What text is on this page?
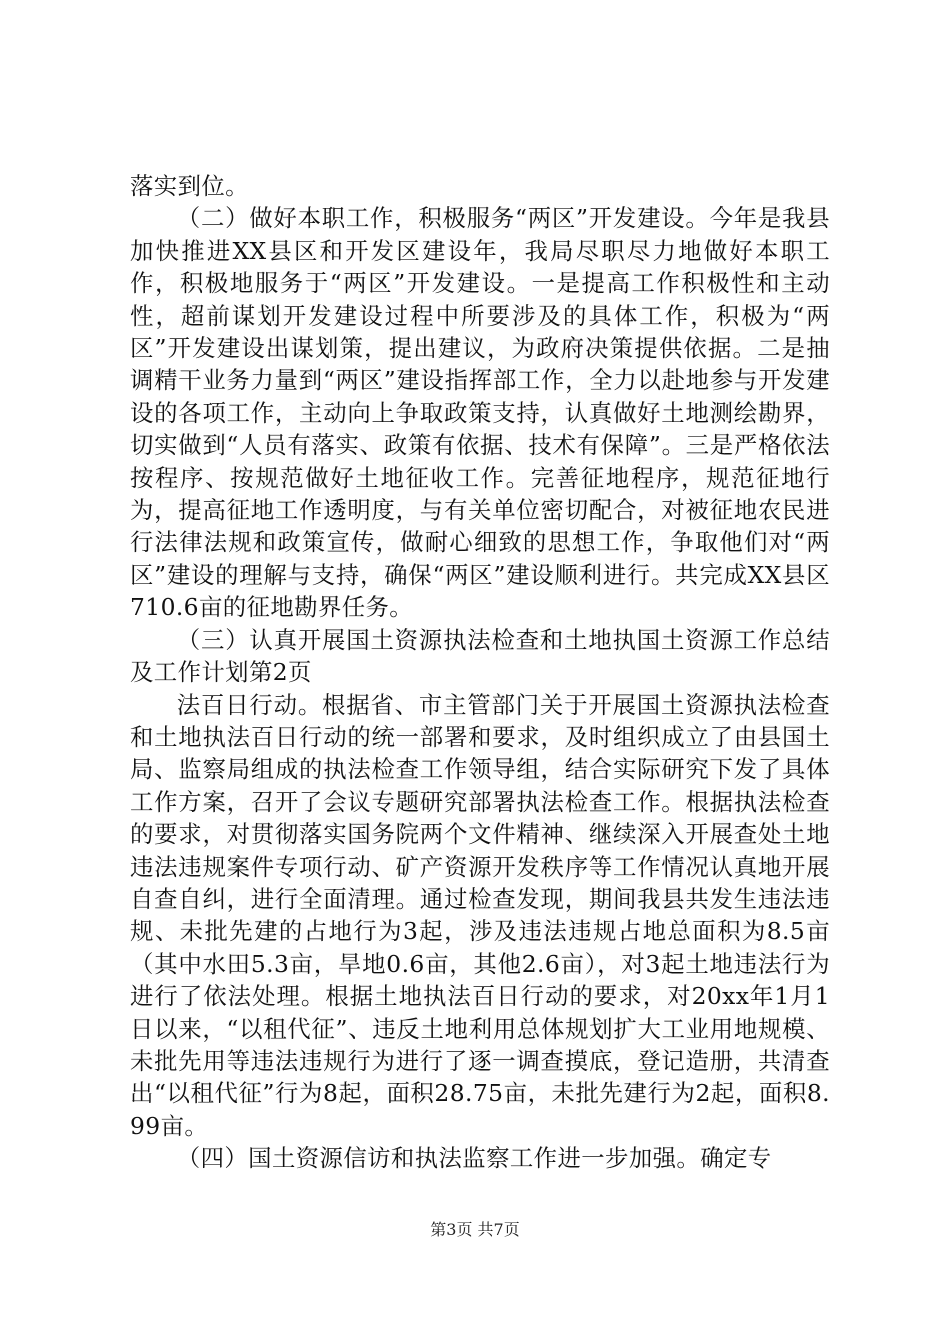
落实到位。

（二）做好本职工作，积极服务“两区”开发建设。今年是我县加快推进XX县区和开发区建设年，我局尽职尽力地做好本职工作，积极地服务于“两区”开发建设。一是提高工作积极性和主动性，超前谋划开发建设过程中所要涉及的具体工作，积极为“两区”开发建设出谋划策，提出建议，为政府决策提供依据。二是抽调精干业务力量到“两区”建设指挥部工作，全力以赴地参与开发建设的各项工作，主动向上争取政策支持，认真做好土地测绘勘界，切实做到“人员有落实、政策有依据、技术有保障”。三是严格依法按程序、按规范做好土地征收工作。完善征地程序，规范征地行为，提高征地工作透明度，与有关单位密切配合，对被征地农民进行法律法规和政策宣传，做耐心细致的思想工作，争取他们对“两区”建设的理解与支持，确保“两区”建设顺利进行。共完成XX县区710.6亩的征地勘界任务。

（三）认真开展国土资源执法检查和土地执国土资源工作总结及工作计划第2页

法百日行动。根据省、市主管部门关于开展国土资源执法检查和土地执法百日行动的统一部署和要求，及时组织成立了由县国土局、监察局组成的执法检查工作领导组，结合实际研究下发了具体工作方案，召开了会议专题研究部署执法检查工作。根据执法检查的要求，对贯彻落实国务院两个文件精神、继续深入开展查处土地违法违规案件专项行动、矿产资源开发秩序等工作情况认真地开展自查自纠，进行全面清理。通过检查发现，期间我县共发生违法违规、未批先建的占地行为3起，涉及违法违规占地总面积为8.5亩（其中水田5.3亩，旱地0.6亩，其他2.6亩），对3起土地违法行为进行了依法处理。根据土地执法百日行动的要求，对20xx年1月1日以来，“以租代征”、违反土地利用总体规划扩大工业用地规模、未批先用等违法违规行为进行了逐一调查摸底，登记造册，共清查出“以租代征”行为8起，面积28.75亩，未批先建行为2起，面积8.99亩。

（四）国土资源信访和执法监察工作进一步加强。确定专

第3页 共7页
